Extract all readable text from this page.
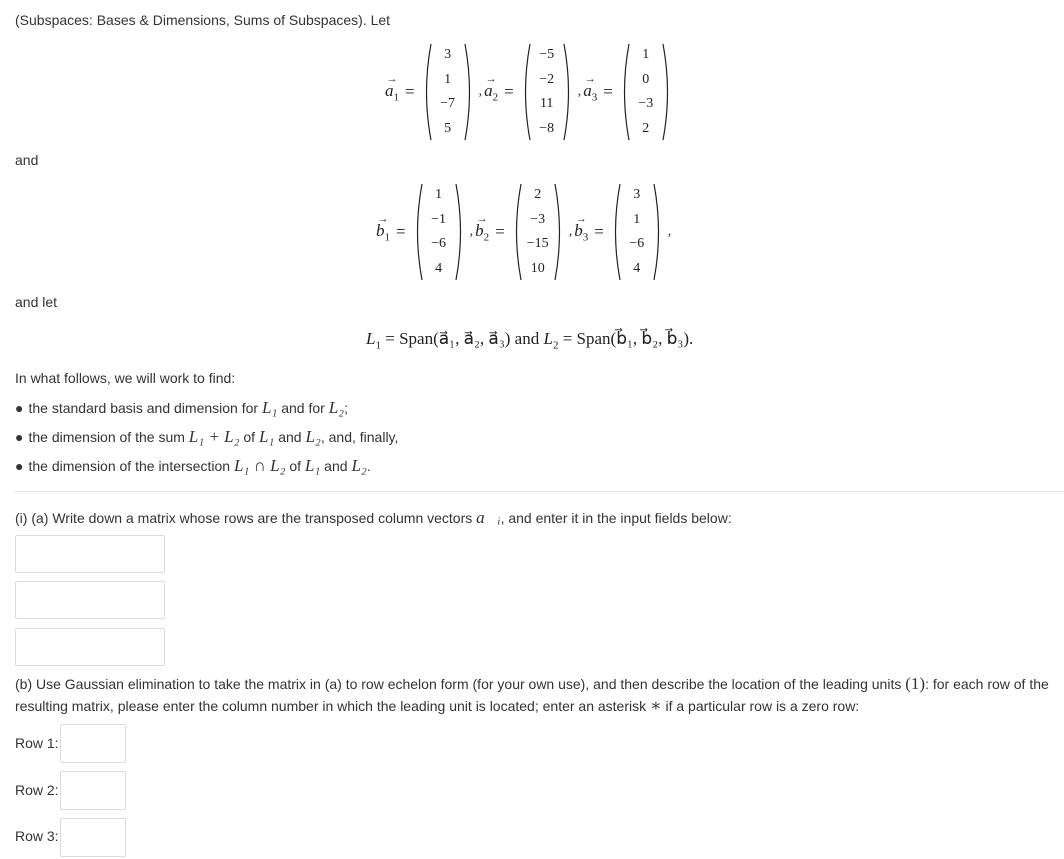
(Subspaces: Bases & Dimensions, Sums of Subspaces). Let
→
$a_1$ =
3
1
−7
5
,
→
$a_2$ =
−5
−2
11
−8
,
→
$a_3$ =
1
0
−3
2
and
→
$b_1$ =
1
−1
−6
4
,
→
$b_2$ =
2
−3
−15
10
,
→
$b_3$ =
3
1
−6
4
,
and let
$L_1$ = Span(a⃗₁, a⃗₂, a⃗₃) and $L_2$ = Span(b⃗₁, b⃗₂, b⃗₃).
In what follows, we will work to find:
● the standard basis and dimension for L₁ and for L₂;
● the dimension of the sum L₁ + L₂ of L₁ and L₂, and, finally,
● the dimension of the intersection L₁ ∩ L₂ of L₁ and L₂.
(i) (a) Write down a matrix whose rows are the transposed column vectors a⃗ᵢ, and enter it in the input fields below:
(b) Use Gaussian elimination to take the matrix in (a) to row echelon form (for your own use), and then describe the location of the leading units (1): for each row of the
resulting matrix, please enter the column number in which the leading unit is located; enter an asterisk ∗ if a particular row is a zero row:
Row 1:
Row 2:
Row 3:
